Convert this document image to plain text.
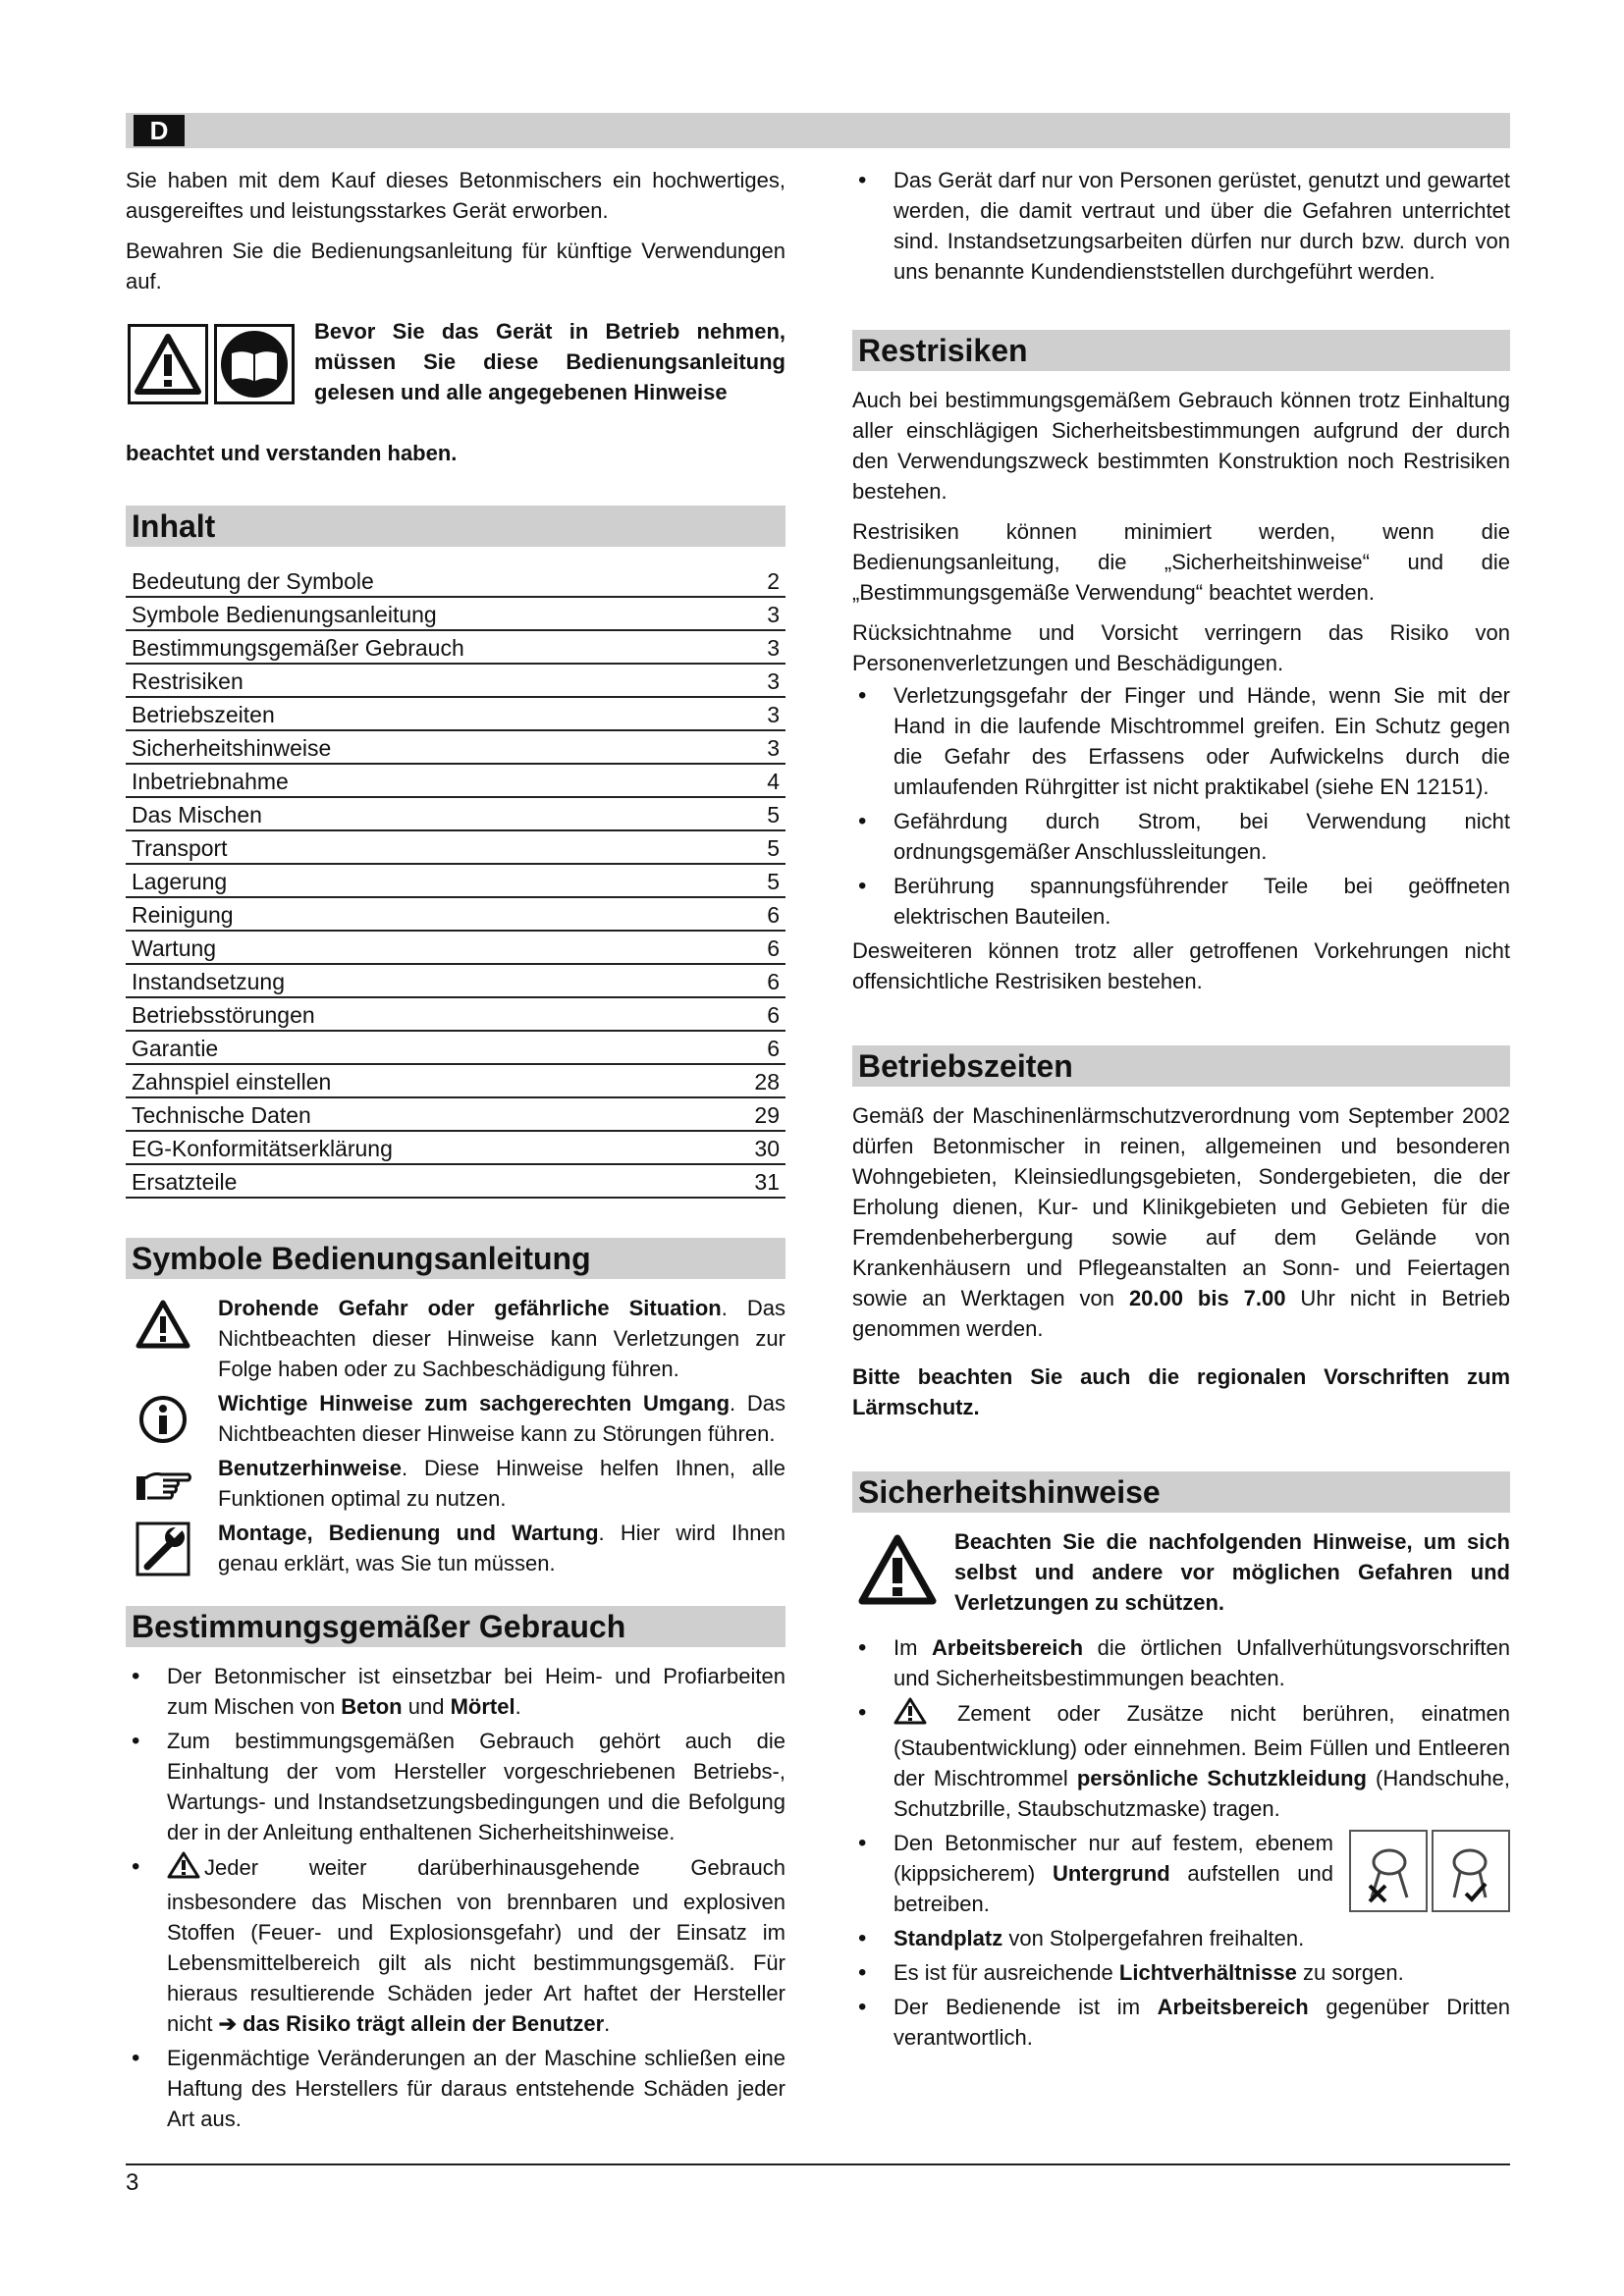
D

Sie haben mit dem Kauf dieses Betonmischers ein hochwertiges, ausgereiftes und leistungsstarkes Gerät erworben.

Bewahren Sie die Bedienungsanleitung für künftige Verwendungen auf.

Bevor Sie das Gerät in Betrieb nehmen, müssen Sie diese Bedienungsanleitung gelesen und alle angegebenen Hinweise

beachtet und verstanden haben.

Inhalt
Bedeutung der Symbole	2
Symbole Bedienungsanleitung	3
Bestimmungsgemäßer Gebrauch	3
Restrisiken	3
Betriebszeiten	3
Sicherheitshinweise	3
Inbetriebnahme	4
Das Mischen	5
Transport	5
Lagerung	5
Reinigung	6
Wartung	6
Instandsetzung	6
Betriebsstörungen	6
Garantie	6
Zahnspiel einstellen	28
Technische Daten	29
EG-Konformitätserklärung	30
Ersatzteile	31
Symbole Bedienungsanleitung
Drohende Gefahr oder gefährliche Situation. Das Nichtbeachten dieser Hinweise kann Verletzungen zur Folge haben oder zu Sachbeschädigung führen.
Wichtige Hinweise zum sachgerechten Umgang. Das Nichtbeachten dieser Hinweise kann zu Störungen führen.
Benutzerhinweise. Diese Hinweise helfen Ihnen, alle Funktionen optimal zu nutzen.
Montage, Bedienung und Wartung. Hier wird Ihnen genau erklärt, was Sie tun müssen.
Bestimmungsgemäßer Gebrauch
• Der Betonmischer ist einsetzbar bei Heim- und Profiarbeiten zum Mischen von Beton und Mörtel.
• Zum bestimmungsgemäßen Gebrauch gehört auch die Einhaltung der vom Hersteller vorgeschriebenen Betriebs-, Wartungs- und Instandsetzungsbedingungen und die Befolgung der in der Anleitung enthaltenen Sicherheitshinweise.
• Jeder weiter darüberhinausgehende Gebrauch insbesondere das Mischen von brennbaren und explosiven Stoffen (Feuer- und Explosionsgefahr) und der Einsatz im Lebensmittelbereich gilt als nicht bestimmungsgemäß. Für hieraus resultierende Schäden jeder Art haftet der Hersteller nicht ➔ das Risiko trägt allein der Benutzer.
• Eigenmächtige Veränderungen an der Maschine schließen eine Haftung des Herstellers für daraus entstehende Schäden jeder Art aus.
• Das Gerät darf nur von Personen gerüstet, genutzt und gewartet werden, die damit vertraut und über die Gefahren unterrichtet sind. Instandsetzungsarbeiten dürfen nur durch bzw. durch von uns benannte Kundendienststellen durchgeführt werden.
Restrisiken

Auch bei bestimmungsgemäßem Gebrauch können trotz Einhaltung aller einschlägigen Sicherheitsbestimmungen aufgrund der durch den Verwendungszweck bestimmten Konstruktion noch Restrisiken bestehen.

Restrisiken können minimiert werden, wenn die Bedienungsanleitung, die „Sicherheitshinweise“ und die „Bestimmungsgemäße Verwendung“ beachtet werden.

Rücksichtnahme und Vorsicht verringern das Risiko von Personenverletzungen und Beschädigungen.

• Verletzungsgefahr der Finger und Hände, wenn Sie mit der Hand in die laufende Mischtrommel greifen. Ein Schutz gegen die Gefahr des Erfassens oder Aufwickelns durch die umlaufenden Rührgitter ist nicht praktikabel (siehe EN 12151).
• Gefährdung durch Strom, bei Verwendung nicht ordnungsgemäßer Anschlussleitungen.
• Berührung spannungsführender Teile bei geöffneten elektrischen Bauteilen.

Desweiteren können trotz aller getroffenen Vorkehrungen nicht offensichtliche Restrisiken bestehen.

Betriebszeiten

Gemäß der Maschinenlärmschutzverordnung vom September 2002 dürfen Betonmischer in reinen, allgemeinen und besonderen Wohngebieten, Kleinsiedlungsgebieten, Sondergebieten, die der Erholung dienen, Kur- und Klinikgebieten und Gebieten für die Fremdenbeherbergung sowie auf dem Gelände von Krankenhäusern und Pflegeanstalten an Sonn- und Feiertagen sowie an Werktagen von 20.00 bis 7.00 Uhr nicht in Betrieb genommen werden.

Bitte beachten Sie auch die regionalen Vorschriften zum Lärmschutz.

Sicherheitshinweise
Beachten Sie die nachfolgenden Hinweise, um sich selbst und andere vor möglichen Gefahren und Verletzungen zu schützen.
• Im Arbeitsbereich die örtlichen Unfallverhütungsvorschriften und Sicherheitsbestimmungen beachten.
• Zement oder Zusätze nicht berühren, einatmen (Staubentwicklung) oder einnehmen. Beim Füllen und Entleeren der Mischtrommel persönliche Schutzkleidung (Handschuhe, Schutzbrille, Staubschutzmaske) tragen.
• Den Betonmischer nur auf festem, ebenem (kippsicherem) Untergrund aufstellen und betreiben.
• Standplatz von Stolpergefahren freihalten.
• Es ist für ausreichende Lichtverhältnisse zu sorgen.
• Der Bedienende ist im Arbeitsbereich gegenüber Dritten verantwortlich.
3
